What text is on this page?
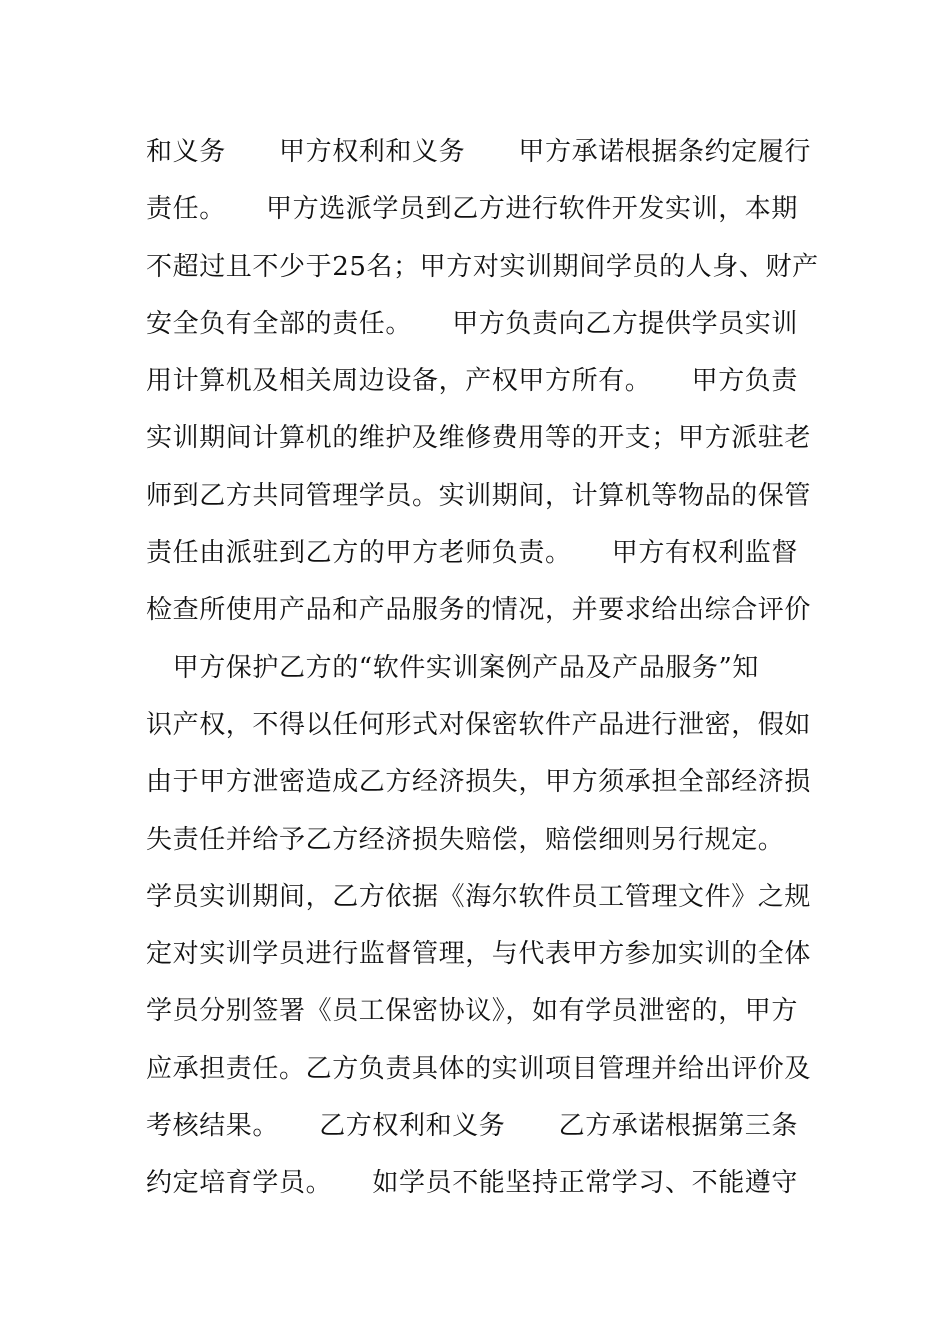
和义务　　甲方权利和义务　　甲方承诺根据条约定履行
责任。　　甲方选派学员到乙方进行软件开发实训，本期
不超过且不少于25名；甲方对实训期间学员的人身、财产
安全负有全部的责任。　　甲方负责向乙方提供学员实训
用计算机及相关周边设备，产权甲方所有。　　甲方负责
实训期间计算机的维护及维修费用等的开支；甲方派驻老
师到乙方共同管理学员。实训期间，计算机等物品的保管
责任由派驻到乙方的甲方老师负责。　　甲方有权利监督
检查所使用产品和产品服务的情况，并要求给出综合评价
　甲方保护乙方的“软件实训案例产品及产品服务”知
识产权，不得以任何形式对保密软件产品进行泄密，假如
由于甲方泄密造成乙方经济损失，甲方须承担全部经济损
失责任并给予乙方经济损失赔偿，赔偿细则另行规定。
学员实训期间，乙方依据《海尔软件员工管理文件》之规
定对实训学员进行监督管理，与代表甲方参加实训的全体
学员分别签署《员工保密协议》，如有学员泄密的，甲方
应承担责任。乙方负责具体的实训项目管理并给出评价及
考核结果。　　乙方权利和义务　　乙方承诺根据第三条
约定培育学员。　　如学员不能坚持正常学习、不能遵守
